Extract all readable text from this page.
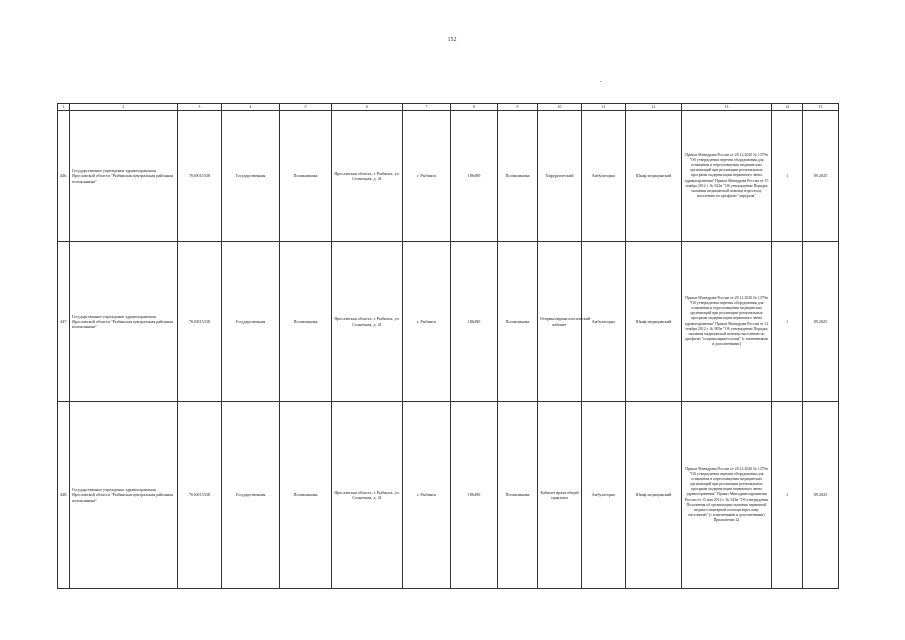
152
1	2	3	4	5	6	7	8	9	10	11	12	13	14	15
446.	Государственное учреждение здравоохранения Ярославской области "Рыбинская центральная районная поликлиника"	7610015338	Государственная	Поликлиника	Ярославская область, г. Рыбинск, ул. Солнечная, д. 41	г. Рыбинск	186490	Поликлиника	Хирургический	Амбулаторно	Шкаф медицинский	Приказ Минздрава России от 28.12.2020 № 1379н "Об утверждении перечня оборудования для оснащения и переоснащения медицинских организаций при реализации региональных программ модернизации первичного звена здравоохранения" Приказ Минздрава России от 15 ноября 2012 г. № 922н "Об утверждении Порядка оказания медицинской помощи взрослому населению по профилю "хирургия"	1	09.2025
447.	Государственное учреждение здравоохранения Ярославской области "Рыбинская центральная районная поликлиника"	7610015338	Государственная	Поликлиника	Ярославская область, г. Рыбинск, ул. Солнечная, д. 41	г. Рыбинск	186490	Поликлиника	Оториноларингологический кабинет	Амбулаторно	Шкаф медицинский	Приказ Минздрава России от 28.12.2020 № 1379н "Об утверждении перечня оборудования для оснащения и переоснащения медицинских организаций при реализации региональных программ модернизации первичного звена здравоохранения" Приказ Минздрава России от 12 ноября 2012 г. № 905н "Об утверждении Порядка оказания медицинской помощи населению по профилю "оториноларингология" (с изменениями и дополнениями)	1	09.2025
448.	Государственное учреждение здравоохранения Ярославской области "Рыбинская центральная районная поликлиника"	7610015338	Государственная	Поликлиника	Ярославская область, г. Рыбинск, ул. Солнечная, д. 41	г. Рыбинск	186490	Поликлиника	Кабинет врача общей практики	Амбулаторно	Шкаф медицинский	Приказ Минздрава России от 28.12.2020 № 1379н "Об утверждении перечня оборудования для оснащения и переоснащения медицинских организаций при реализации региональных программ модернизации первичного звена здравоохранения" Приказ Минздравсоцразвития России от 15 мая 2012 г. № 543н "Об утверждении Положения об организации оказания первичной медико-санитарной помощи взрослому населению" (с изменениями и дополнениями) Приложение 22	1	09.2025
